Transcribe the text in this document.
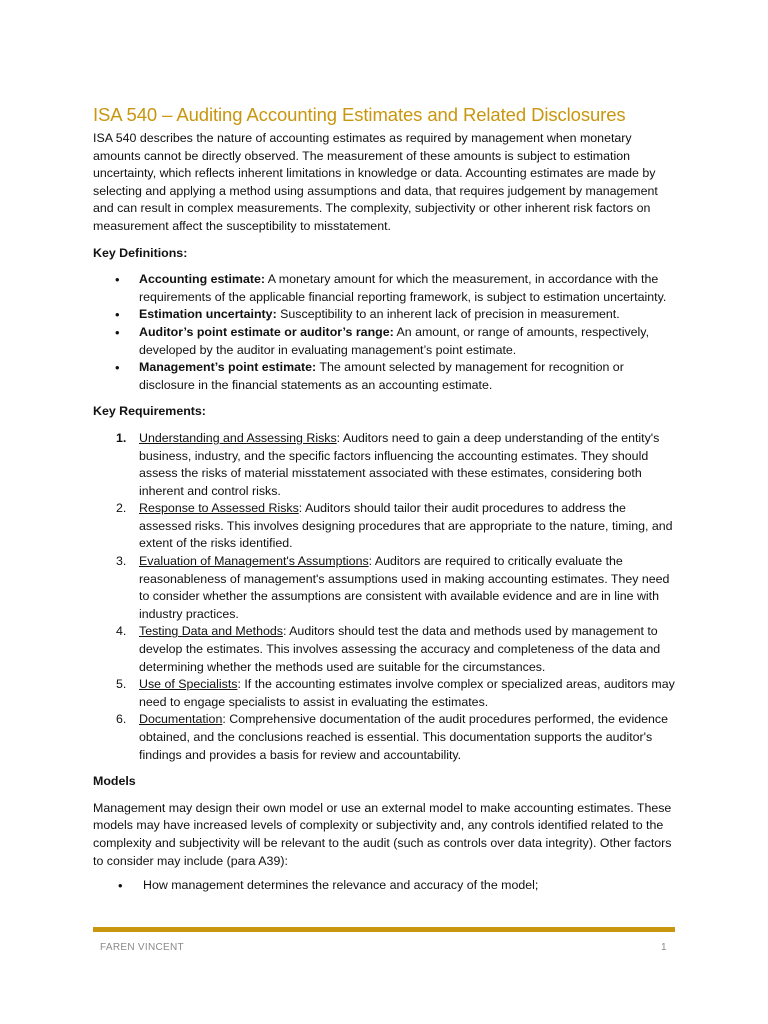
ISA 540 – Auditing Accounting Estimates and Related Disclosures

ISA 540 describes the nature of accounting estimates as required by management when monetary amounts cannot be directly observed. The measurement of these amounts is subject to estimation uncertainty, which reflects inherent limitations in knowledge or data. Accounting estimates are made by selecting and applying a method using assumptions and data, that requires judgement by management and can result in complex measurements. The complexity, subjectivity or other inherent risk factors on measurement affect the susceptibility to misstatement.

Key Definitions:

• Accounting estimate: A monetary amount for which the measurement, in accordance with the requirements of the applicable financial reporting framework, is subject to estimation uncertainty.
• Estimation uncertainty: Susceptibility to an inherent lack of precision in measurement.
• Auditor’s point estimate or auditor’s range: An amount, or range of amounts, respectively, developed by the auditor in evaluating management’s point estimate.
• Management’s point estimate: The amount selected by management for recognition or disclosure in the financial statements as an accounting estimate.

Key Requirements:

1. Understanding and Assessing Risks: Auditors need to gain a deep understanding of the entity's business, industry, and the specific factors influencing the accounting estimates. They should assess the risks of material misstatement associated with these estimates, considering both inherent and control risks.
2. Response to Assessed Risks: Auditors should tailor their audit procedures to address the assessed risks. This involves designing procedures that are appropriate to the nature, timing, and extent of the risks identified.
3. Evaluation of Management's Assumptions: Auditors are required to critically evaluate the reasonableness of management's assumptions used in making accounting estimates. They need to consider whether the assumptions are consistent with available evidence and are in line with industry practices.
4. Testing Data and Methods: Auditors should test the data and methods used by management to develop the estimates. This involves assessing the accuracy and completeness of the data and determining whether the methods used are suitable for the circumstances.
5. Use of Specialists: If the accounting estimates involve complex or specialized areas, auditors may need to engage specialists to assist in evaluating the estimates.
6. Documentation: Comprehensive documentation of the audit procedures performed, the evidence obtained, and the conclusions reached is essential. This documentation supports the auditor's findings and provides a basis for review and accountability.

Models

Management may design their own model or use an external model to make accounting estimates. These models may have increased levels of complexity or subjectivity and, any controls identified related to the complexity and subjectivity will be relevant to the audit (such as controls over data integrity). Other factors to consider may include (para A39):

• How management determines the relevance and accuracy of the model;
FAREN VINCENT	1
